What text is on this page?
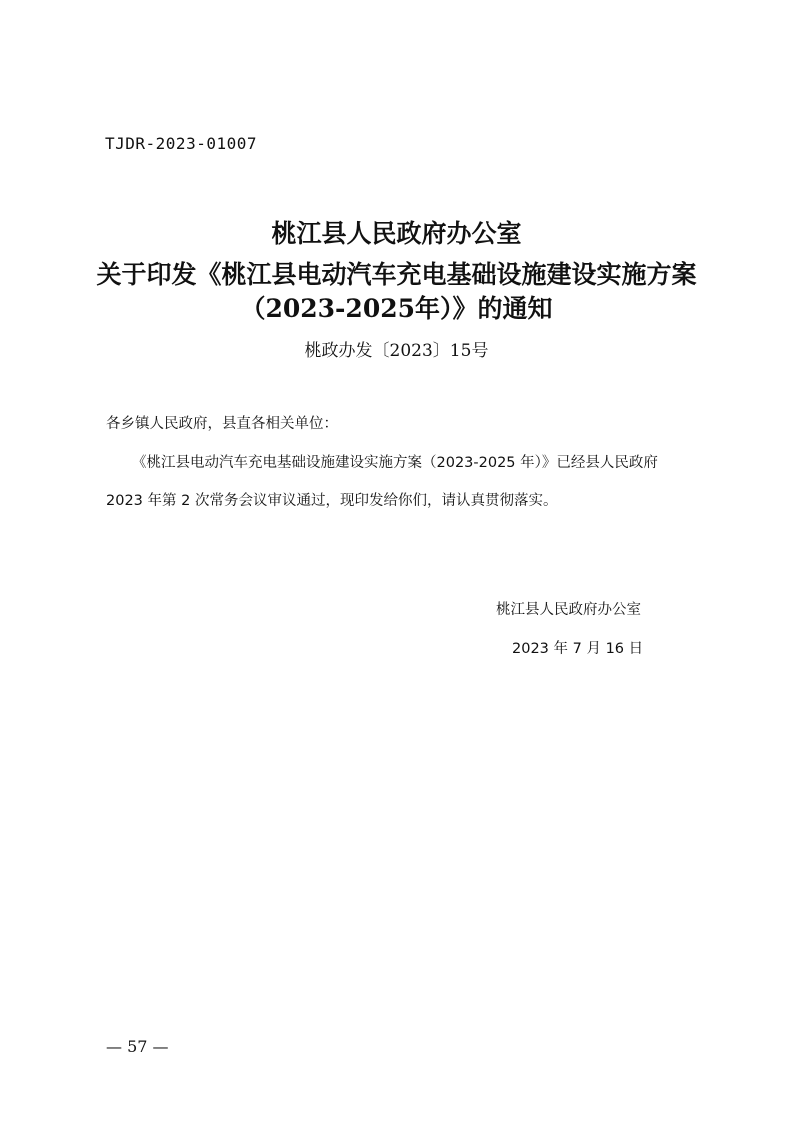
TJDR-2023-01007
桃江县人民政府办公室
关于印发《桃江县电动汽车充电基础设施建设实施方案
（2023-2025年）》的通知
桃政办发〔2023〕15号
各乡镇人民政府，县直各相关单位：
《桃江县电动汽车充电基础设施建设实施方案（2023-2025 年）》已经县人民政府
2023 年第 2 次常务会议审议通过，现印发给你们，请认真贯彻落实。
桃江县人民政府办公室
2023 年 7 月 16 日
— 57 —
